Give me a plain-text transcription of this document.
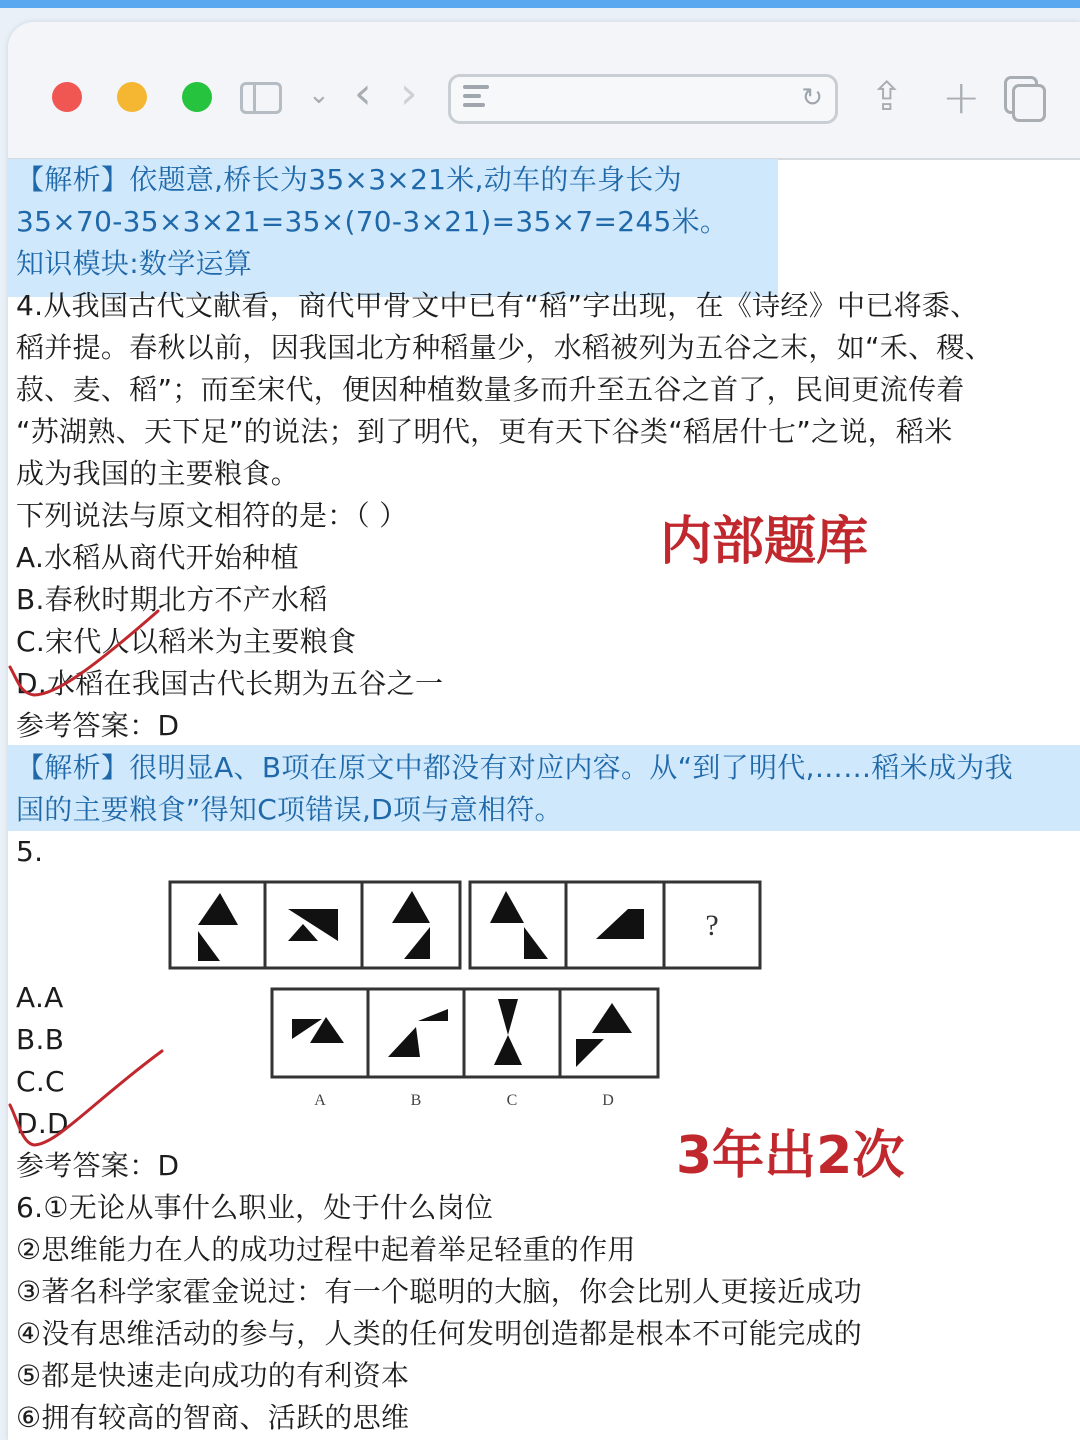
⌄ ‹ ›	↻ ⇪ +
【解析】依题意,桥长为35×3×21米,动车的车身长为
35×70-35×3×21=35×(70-3×21)=35×7=245米。
知识模块:数学运算
4.从我国古代文献看，商代甲骨文中已有“稻”字出现，在《诗经》中已将黍、
稻并提。春秋以前，因我国北方种稻量少，水稻被列为五谷之末，如“禾、稷、
菽、麦、稻”；而至宋代，便因种植数量多而升至五谷之首了，民间更流传着
“苏湖熟、天下足”的说法；到了明代，更有天下谷类“稻居什七”之说，稻米
成为我国的主要粮食。
下列说法与原文相符的是：（ ）
A.水稻从商代开始种植
B.春秋时期北方不产水稻
C.宋代人以稻米为主要粮食
D.水稻在我国古代长期为五谷之一
参考答案：D
【解析】很明显A、B项在原文中都没有对应内容。从“到了明代,……稻米成为我
国的主要粮食”得知C项错误,D项与意相符。
5.
?
A.A
B.B
C.C
D.D
A	B	C	D
参考答案：D
6.①无论从事什么职业，处于什么岗位
②思维能力在人的成功过程中起着举足轻重的作用
③著名科学家霍金说过：有一个聪明的大脑，你会比别人更接近成功
④没有思维活动的参与，人类的任何发明创造都是根本不可能完成的
⑤都是快速走向成功的有利资本
⑥拥有较高的智商、活跃的思维
内部题库
3年出2次
